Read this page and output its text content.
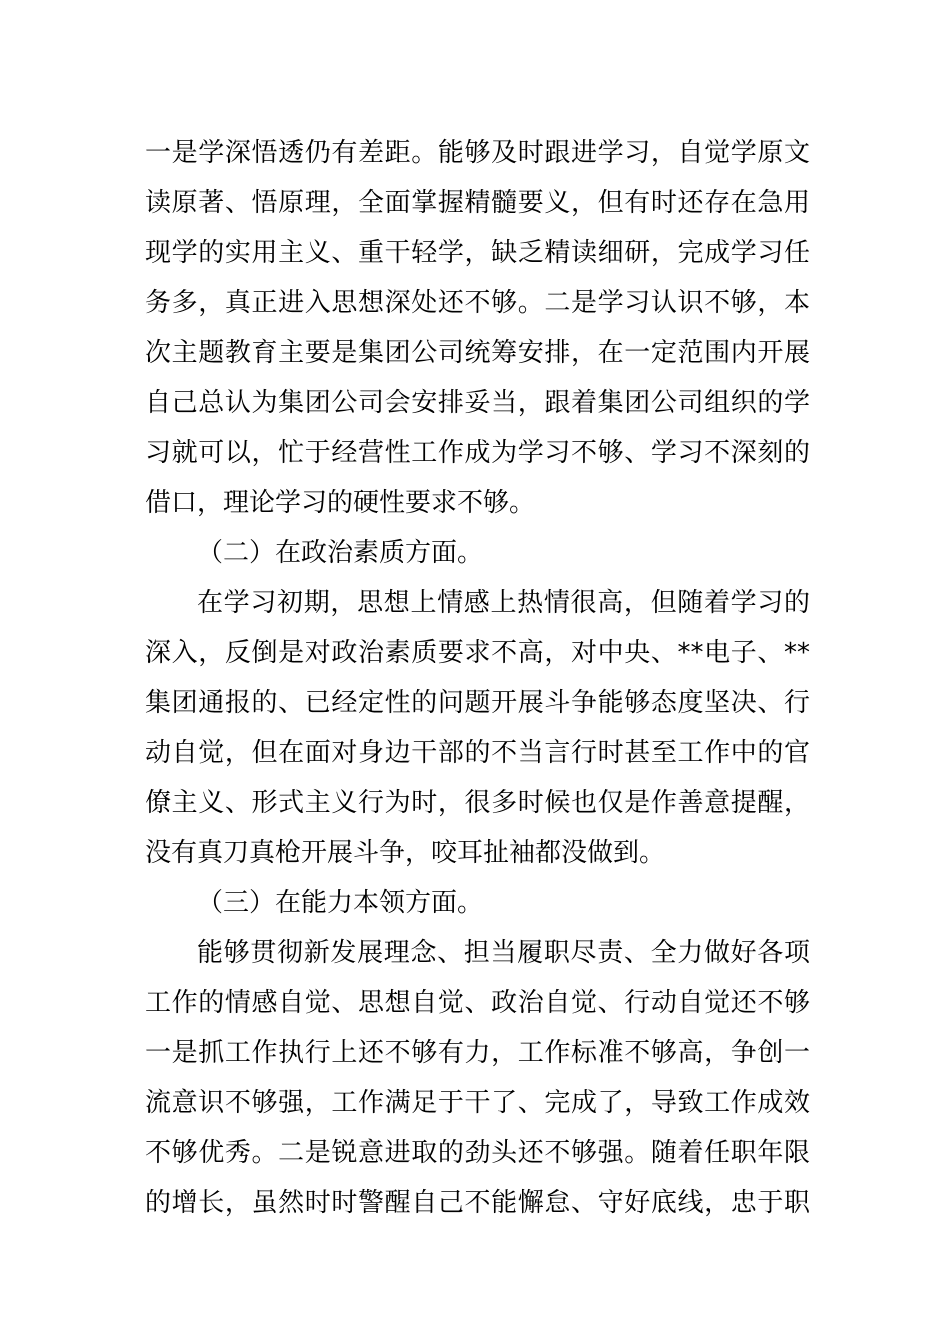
一是学深悟透仍有差距。能够及时跟进学习，自觉学原文
读原著、悟原理，全面掌握精髓要义，但有时还存在急用
现学的实用主义、重干轻学，缺乏精读细研，完成学习任
务多，真正进入思想深处还不够。二是学习认识不够，本
次主题教育主要是集团公司统筹安排，在一定范围内开展
自己总认为集团公司会安排妥当，跟着集团公司组织的学
习就可以，忙于经营性工作成为学习不够、学习不深刻的
借口，理论学习的硬性要求不够。
（二）在政治素质方面。
在学习初期，思想上情感上热情很高，但随着学习的
深入，反倒是对政治素质要求不高，对中央、**电子、**
集团通报的、已经定性的问题开展斗争能够态度坚决、行
动自觉，但在面对身边干部的不当言行时甚至工作中的官
僚主义、形式主义行为时，很多时候也仅是作善意提醒，
没有真刀真枪开展斗争，咬耳扯袖都没做到。
（三）在能力本领方面。
能够贯彻新发展理念、担当履职尽责、全力做好各项
工作的情感自觉、思想自觉、政治自觉、行动自觉还不够
一是抓工作执行上还不够有力，工作标准不够高，争创一
流意识不够强，工作满足于干了、完成了，导致工作成效
不够优秀。二是锐意进取的劲头还不够强。随着任职年限
的增长，虽然时时警醒自己不能懈怠、守好底线，忠于职
